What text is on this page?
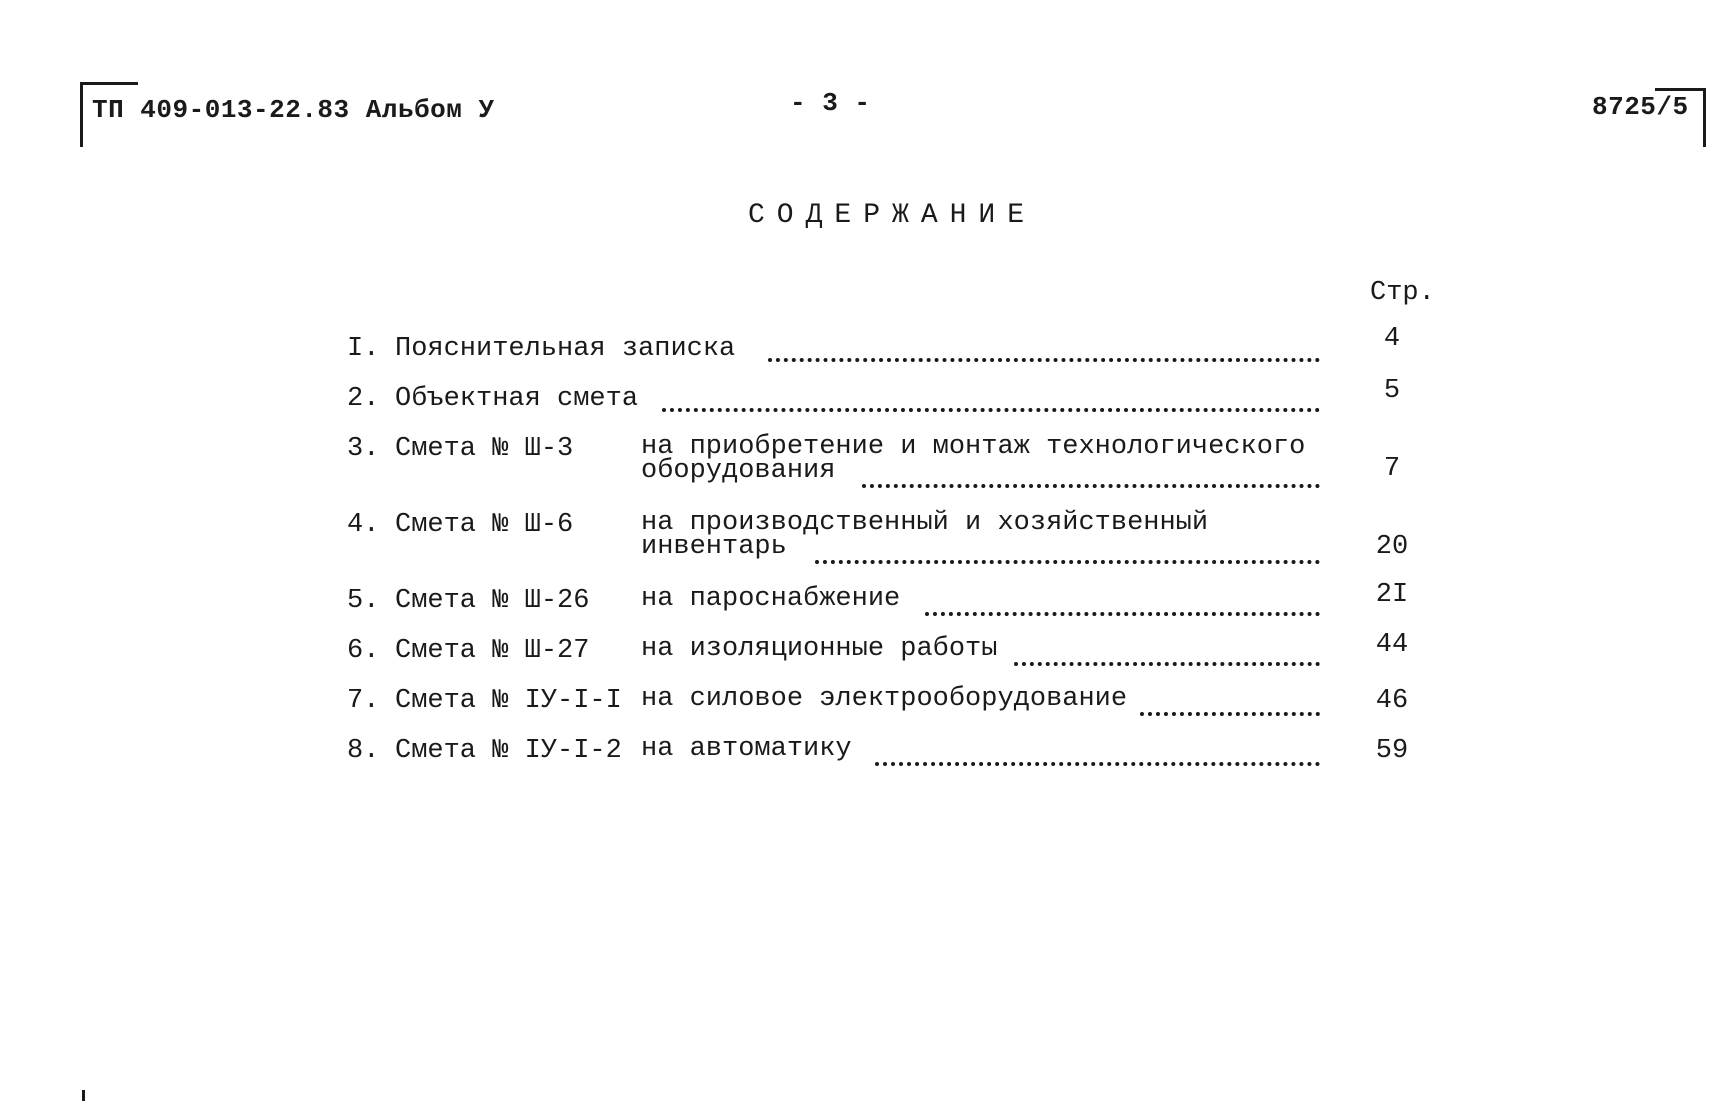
ТП 409-013-22.83 Альбом У	- 3 -	8725/5
СОДЕРЖАНИЕ
Стр.
I. Пояснительная записка	4
2. Объектная смета	5
3. Смета № Ш-3	на приобретение и монтаж технологического
оборудования	7
4. Смета № Ш-6	на производственный и хозяйственный
инвентарь	20
5. Смета № Ш-26 на пароснабжение	2I
6. Смета № Ш-27 на изоляционные работы	44
7. Смета № IУ-I-I на силовое электрооборудование	46
8. Смета № IУ-I-2 на автоматику	59
